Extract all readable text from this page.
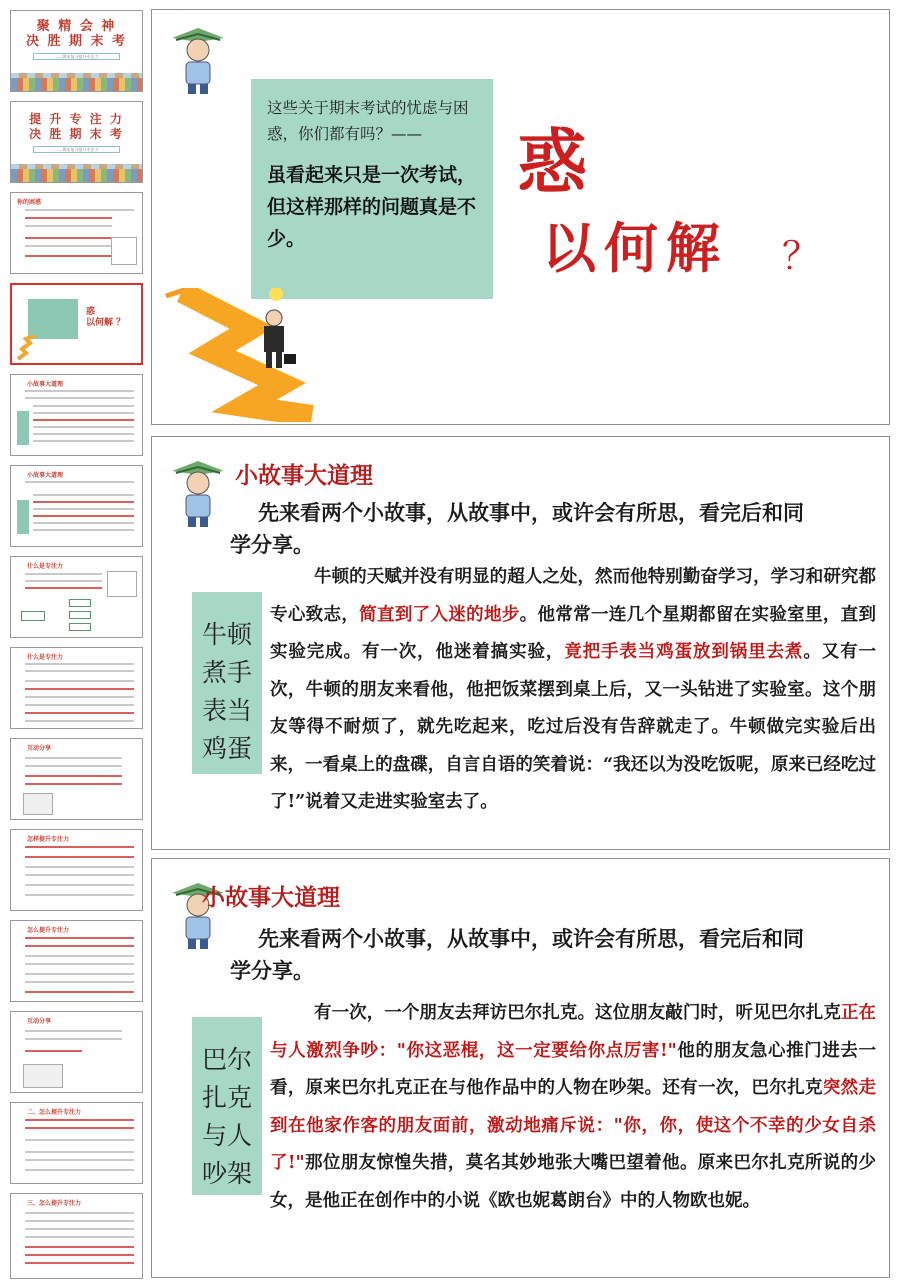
聚 精 会 神
决 胜 期 末 考
——期末复习提升专注力
提 升 专 注 力
决 胜 期 末 考
——期末复习提升专注力
你的困惑
惑
以何解 ？
小故事大道理
小故事大道理
什么是专注力
什么是专注力
互动分享
怎样提升专注力
怎么提升专注力
互动分享
二、怎么提升专注力
三、怎么提升专注力
这些关于期末考试的忧虑与困惑，你们都有吗？——
虽看起来只是一次考试，但这样那样的问题真是不少。
惑
以何解 ？
小故事大道理
先来看两个小故事，从故事中，或许会有所思，看完后和同学分享。
牛顿
煮手
表当
鸡蛋
牛顿的天赋并没有明显的超人之处，然而他特别勤奋学习，学习和研究都专心致志，简直到了入迷的地步。他常常一连几个星期都留在实验室里，直到实验完成。有一次，他迷着搞实验，竟把手表当鸡蛋放到锅里去煮。又有一次，牛顿的朋友来看他，他把饭菜摆到桌上后，又一头钻进了实验室。这个朋友等得不耐烦了，就先吃起来，吃过后没有告辞就走了。牛顿做完实验后出来，一看桌上的盘碟，自言自语的笑着说：“我还以为没吃饭呢，原来已经吃过了!”说着又走进实验室去了。
小故事大道理
先来看两个小故事，从故事中，或许会有所思，看完后和同学分享。
巴尔
扎克
与人
吵架
有一次，一个朋友去拜访巴尔扎克。这位朋友敲门时，听见巴尔扎克正在与人激烈争吵："你这恶棍，这一定要给你点厉害!"他的朋友急心推门进去一看，原来巴尔扎克正在与他作品中的人物在吵架。还有一次，巴尔扎克突然走到在他家作客的朋友面前，激动地痛斥说："你，你，使这个不幸的少女自杀了!"那位朋友惊惶失措，莫名其妙地张大嘴巴望着他。原来巴尔扎克所说的少女，是他正在创作中的小说《欧也妮葛朗台》中的人物欧也妮。
